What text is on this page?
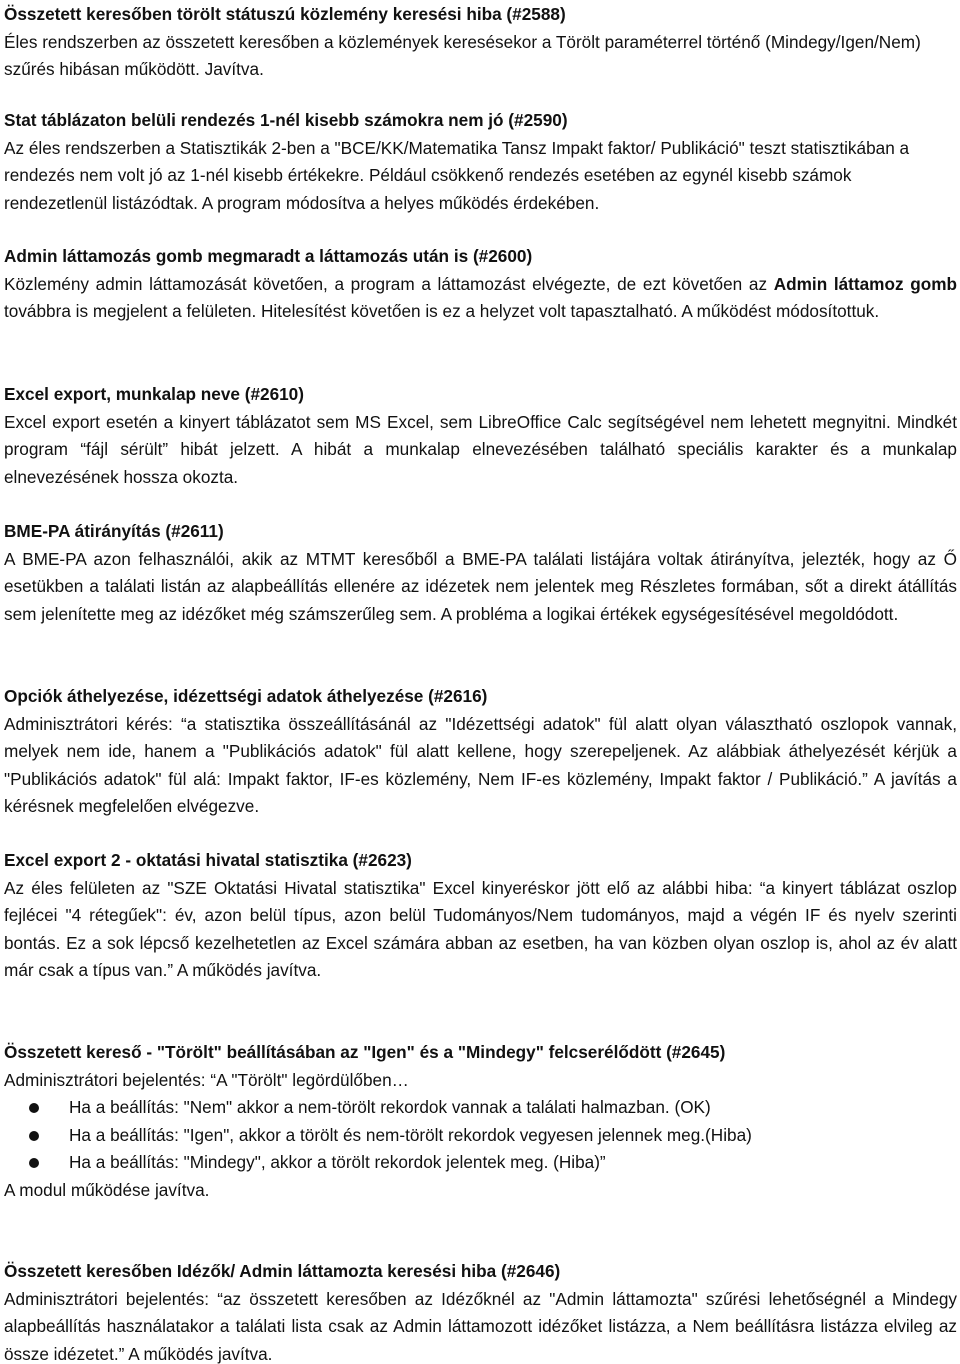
Összetett keresőben törölt státuszú közlemény keresési hiba (#2588)

Éles rendszerben az összetett keresőben a közlemények keresésekor a Törölt paraméterrel történő (Mindegy/Igen/Nem) szűrés hibásan működött. Javítva.

Stat táblázaton belüli rendezés 1-nél kisebb számokra nem jó (#2590)

Az éles rendszerben a Statisztikák 2-ben a "BCE/KK/Matematika Tansz Impakt faktor/ Publikáció" teszt statisztikában a rendezés nem volt jó az 1-nél kisebb értékekre. Például csökkenő rendezés esetében az egynél kisebb számok rendezetlenül listázódtak. A program módosítva a helyes működés érdekében.

Admin láttamozás gomb megmaradt a láttamozás után is (#2600)

Közlemény admin láttamozását követően, a program a láttamozást elvégezte, de ezt követően az Admin láttamoz gomb továbbra is megjelent a felületen. Hitelesítést követően is ez a helyzet volt tapasztalható. A működést módosítottuk.

Excel export, munkalap neve (#2610)

Excel export esetén a kinyert táblázatot sem MS Excel, sem LibreOffice Calc segítségével nem lehetett megnyitni. Mindkét program “fájl sérült” hibát jelzett. A hibát a munkalap elnevezésében található speciális karakter és a munkalap elnevezésének hossza okozta.

BME-PA átirányítás (#2611)

A BME-PA azon felhasználói, akik az MTMT keresőből a BME-PA találati listájára voltak átirányítva, jelezték, hogy az Ő esetükben a találati listán az alapbeállítás ellenére az idézetek nem jelentek meg Részletes formában, sőt a direkt átállítás sem jelenítette meg az idézőket még számszerűleg sem. A probléma a logikai értékek egységesítésével megoldódott.

Opciók áthelyezése, idézettségi adatok áthelyezése (#2616)

Adminisztrátori kérés: “a statisztika összeállításánál az "Idézettségi adatok" fül alatt olyan választható oszlopok vannak, melyek nem ide, hanem a "Publikációs adatok" fül alatt kellene, hogy szerepeljenek. Az alábbiak áthelyezését kérjük a "Publikációs adatok" fül alá: Impakt faktor, IF-es közlemény, Nem IF-es közlemény, Impakt faktor / Publikáció.” A javítás a kérésnek megfelelően elvégezve.

Excel export 2 - oktatási hivatal statisztika (#2623)

Az éles felületen az "SZE Oktatási Hivatal statisztika" Excel kinyeréskor jött elő az alábbi hiba: “a kinyert táblázat oszlop fejlécei "4 rétegűek": év, azon belül típus, azon belül Tudományos/Nem tudományos, majd a végén IF és nyelv szerinti bontás. Ez a sok lépcső kezelhetetlen az Excel számára abban az esetben, ha van közben olyan oszlop is, ahol az év alatt már csak a típus van.” A működés javítva.

Összetett kereső - "Törölt" beállításában az "Igen" és a "Mindegy" felcserélődött (#2645)

Adminisztrátori bejelentés: “A "Törölt" legördülőben…

Ha a beállítás: "Nem" akkor a nem-törölt rekordok vannak a találati halmazban. (OK)
Ha a beállítás: "Igen", akkor a törölt és nem-törölt rekordok vegyesen jelennek meg.(Hiba)
Ha a beállítás: "Mindegy", akkor a törölt rekordok jelentek meg. (Hiba)”

A modul működése javítva.

Összetett keresőben Idézők/ Admin láttamozta keresési hiba (#2646)

Adminisztrátori bejelentés: “az összetett keresőben az Idézőknél az "Admin láttamozta" szűrési lehetőségnél a Mindegy alapbeállítás használatakor a találati lista csak az Admin láttamozott idézőket listázza, a Nem beállításra listázza elvileg az össze idézetet.” A működés javítva.
